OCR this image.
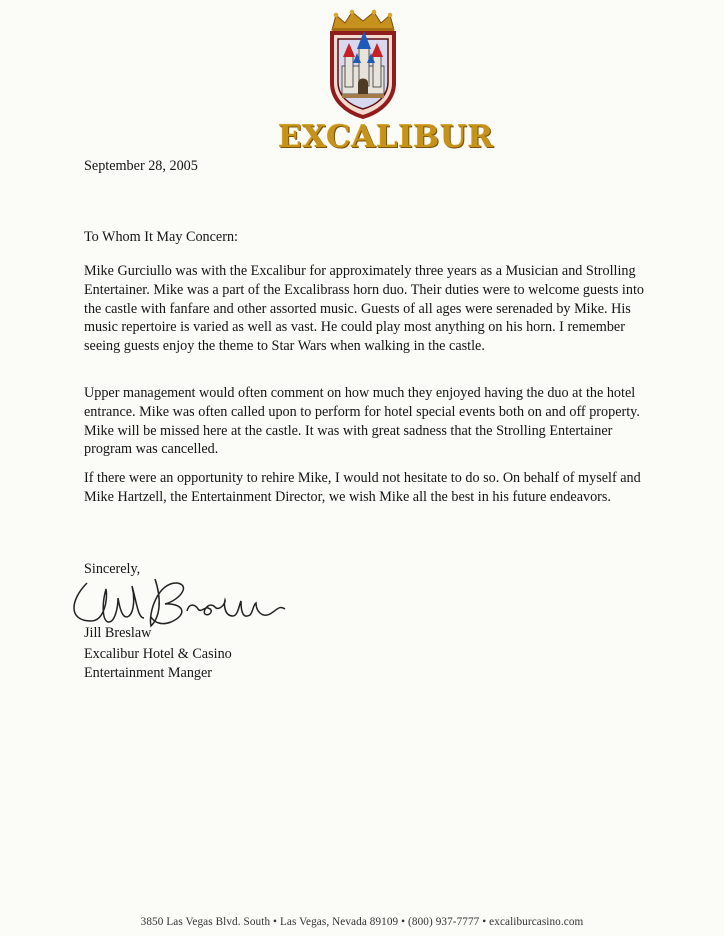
EXCALIBUR
September 28, 2005
To Whom It May Concern:
Mike Gurciullo was with the Excalibur for approximately three years as a Musician and Strolling Entertainer. Mike was a part of the Excalibrass horn duo. Their duties were to welcome guests into the castle with fanfare and other assorted music. Guests of all ages were serenaded by Mike. His music repertoire is varied as well as vast. He could play most anything on his horn. I remember seeing guests enjoy the theme to Star Wars when walking in the castle.
Upper management would often comment on how much they enjoyed having the duo at the hotel entrance. Mike was often called upon to perform for hotel special events both on and off property. Mike will be missed here at the castle. It was with great sadness that the Strolling Entertainer program was cancelled.
If there were an opportunity to rehire Mike, I would not hesitate to do so. On behalf of myself and Mike Hartzell, the Entertainment Director, we wish Mike all the best in his future endeavors.
Sincerely,
Jill Breslaw
Excalibur Hotel & Casino
Entertainment Manger
3850 Las Vegas Blvd. South • Las Vegas, Nevada 89109 • (800) 937-7777 • excaliburcasino.com
